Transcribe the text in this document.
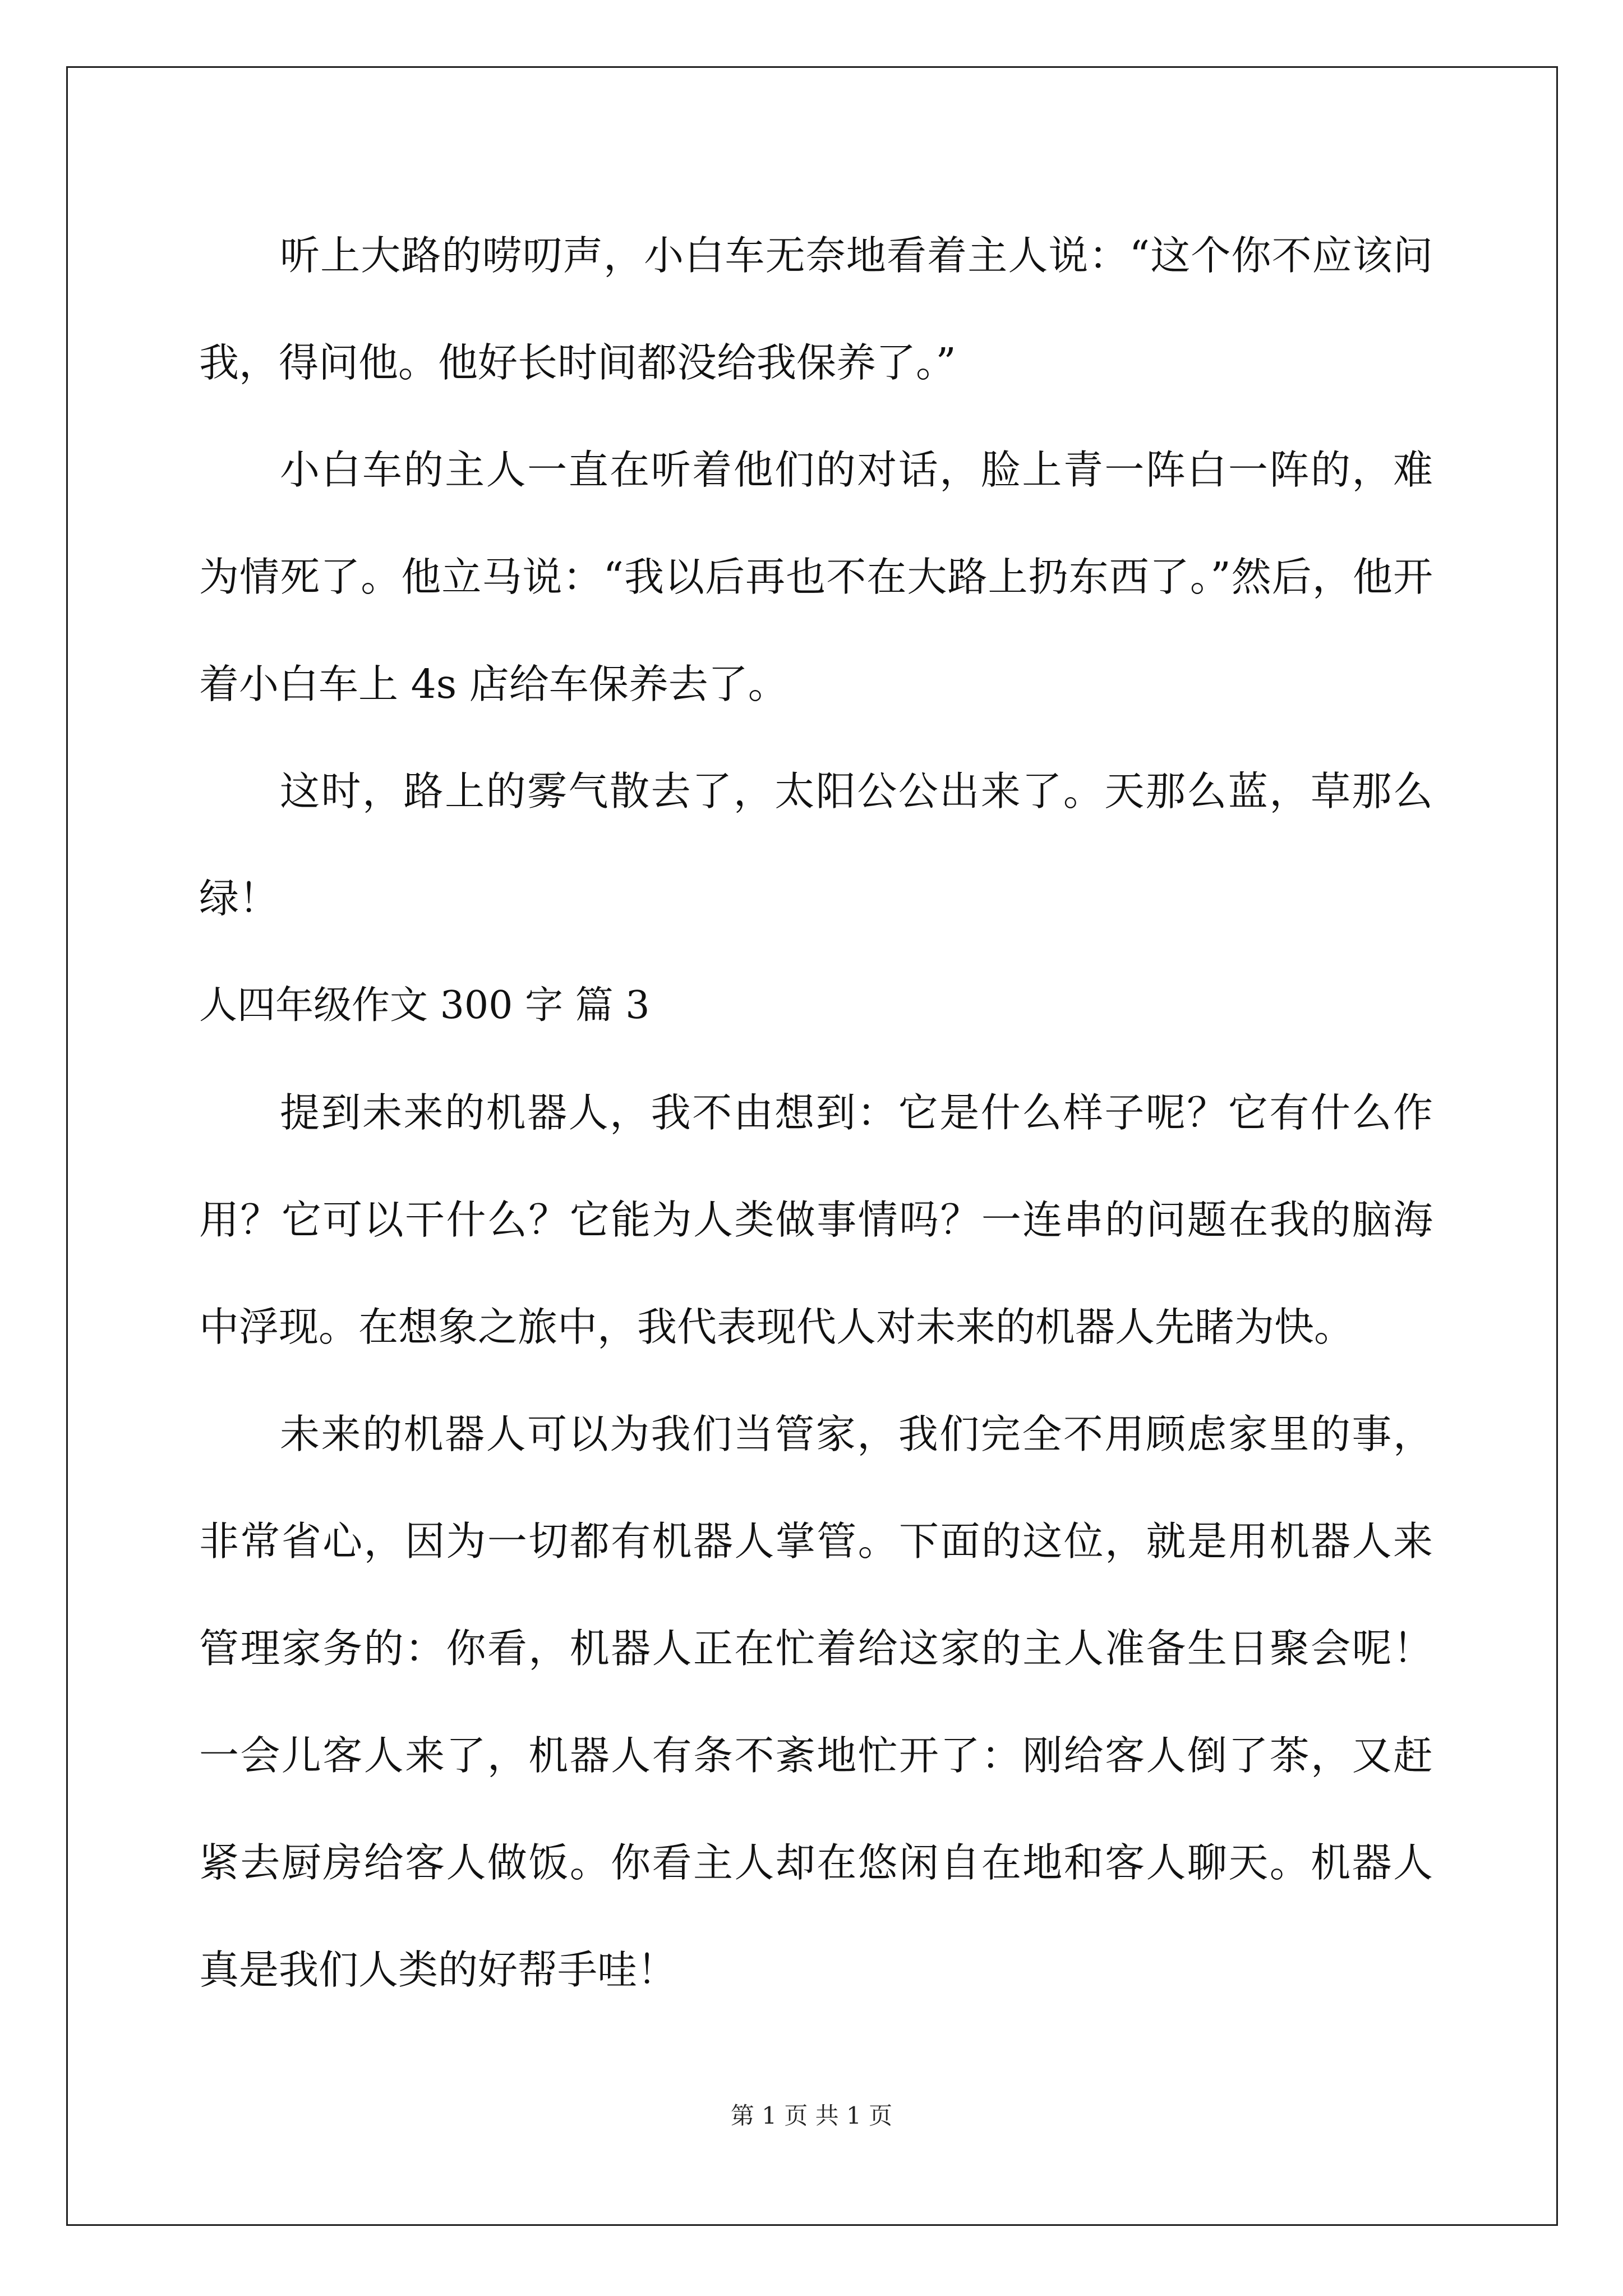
听上大路的唠叨声，小白车无奈地看着主人说：“这个你不应该问我，得问他。他好长时间都没给我保养了。”

小白车的主人一直在听着他们的对话，脸上青一阵白一阵的，难为情死了。他立马说：“我以后再也不在大路上扔东西了。”然后，他开着小白车上 4s 店给车保养去了。

这时，路上的雾气散去了，太阳公公出来了。天那么蓝，草那么绿！

人四年级作文 300 字 篇 3

提到未来的机器人，我不由想到：它是什么样子呢？它有什么作用？它可以干什么？它能为人类做事情吗？一连串的问题在我的脑海中浮现。在想象之旅中，我代表现代人对未来的机器人先睹为快。

未来的机器人可以为我们当管家，我们完全不用顾虑家里的事，非常省心，因为一切都有机器人掌管。下面的这位，就是用机器人来管理家务的：你看，机器人正在忙着给这家的主人准备生日聚会呢！一会儿客人来了，机器人有条不紊地忙开了：刚给客人倒了茶，又赶紧去厨房给客人做饭。你看主人却在悠闲自在地和客人聊天。机器人真是我们人类的好帮手哇！

第 1 页 共 1 页
